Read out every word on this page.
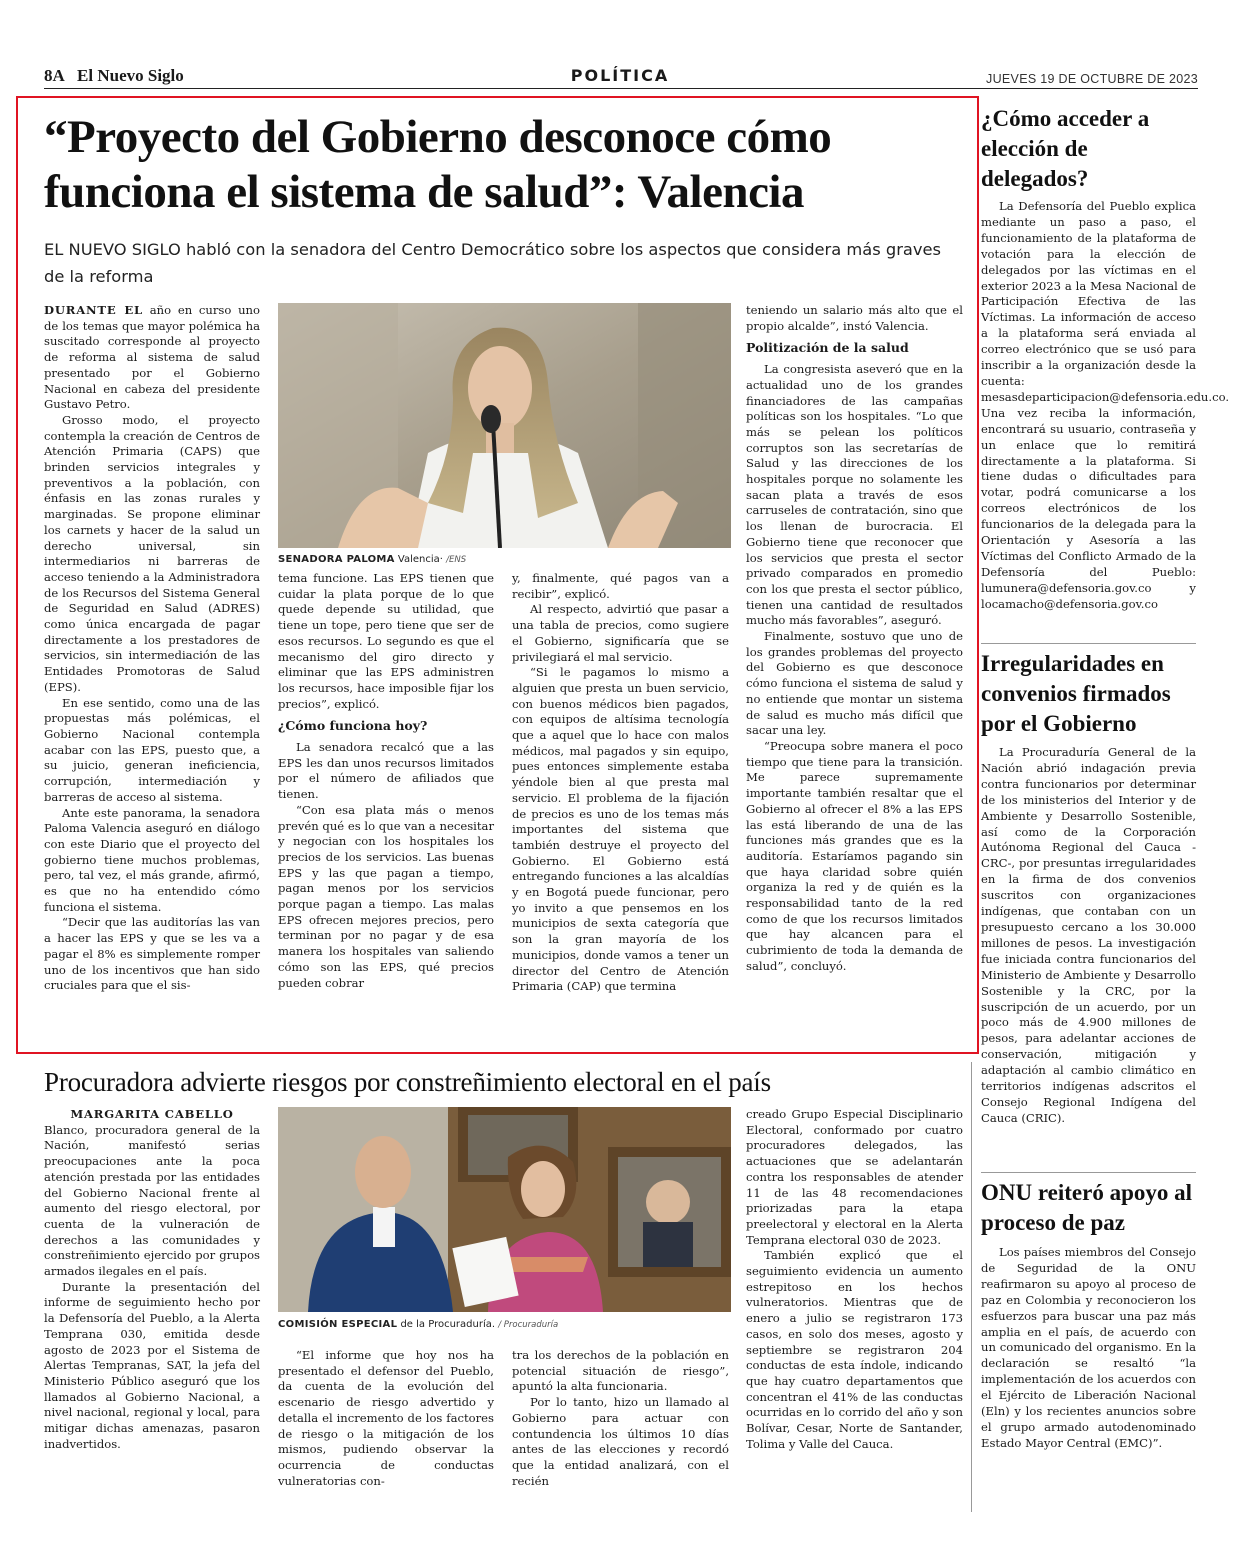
8A El Nuevo Siglo	POLÍTICA	JUEVES 19 DE OCTUBRE DE 2023
“Proyecto del Gobierno desconoce cómo funciona el sistema de salud”: Valencia
EL NUEVO SIGLO habló con la senadora del Centro Democrático sobre los aspectos que considera más graves de la reforma

DURANTE EL año en curso uno de los temas que mayor polémica ha suscitado corresponde al proyecto de reforma al sistema de salud presentado por el Gobierno Nacional en cabeza del presidente Gustavo Petro.

Grosso modo, el proyecto contempla la creación de Centros de Atención Primaria (CAPS) que brinden servicios integrales y preventivos a la población, con énfasis en las zonas rurales y marginadas. Se propone eliminar los carnets y hacer de la salud un derecho universal, sin intermediarios ni barreras de acceso teniendo a la Administradora de los Recursos del Sistema General de Seguridad en Salud (ADRES) como única encargada de pagar directamente a los prestadores de servicios, sin intermediación de las Entidades Promotoras de Salud (EPS).

En ese sentido, como una de las propuestas más polémicas, el Gobierno Nacional contempla acabar con las EPS, puesto que, a su juicio, generan ineficiencia, corrupción, intermediación y barreras de acceso al sistema.

Ante este panorama, la senadora Paloma Valencia aseguró en diálogo con este Diario que el proyecto del gobierno tiene muchos problemas, pero, tal vez, el más grande, afirmó, es que no ha entendido cómo funciona el sistema.

“Decir que las auditorías las van a hacer las EPS y que se les va a pagar el 8% es simplemente romper uno de los incentivos que han sido cruciales para que el sis-

SENADORA PALOMA Valencia· /ENS

tema funcione. Las EPS tienen que cuidar la plata porque de lo que quede depende su utilidad, que tiene un tope, pero tiene que ser de esos recursos. Lo segundo es que el mecanismo del giro directo y eliminar que las EPS administren los recursos, hace imposible fijar los precios”, explicó.

¿Cómo funciona hoy?

La senadora recalcó que a las EPS les dan unos recursos limitados por el número de afiliados que tienen.

“Con esa plata más o menos prevén qué es lo que van a necesitar y negocian con los hospitales los precios de los servicios. Las buenas EPS y las que pagan a tiempo, pagan menos por los servicios porque pagan a tiempo. Las malas EPS ofrecen mejores precios, pero terminan por no pagar y de esa manera los hospitales van saliendo cómo son las EPS, qué precios pueden cobrar

y, finalmente, qué pagos van a recibir”, explicó.

Al respecto, advirtió que pasar a una tabla de precios, como sugiere el Gobierno, significaría que se privilegiará el mal servicio.

“Si le pagamos lo mismo a alguien que presta un buen servicio, con buenos médicos bien pagados, con equipos de altísima tecnología que a aquel que lo hace con malos médicos, mal pagados y sin equipo, pues entonces simplemente estaba yéndole bien al que presta mal servicio. El problema de la fijación de precios es uno de los temas más importantes del sistema que también destruye el proyecto del Gobierno. El Gobierno está entregando funciones a las alcaldías y en Bogotá puede funcionar, pero yo invito a que pensemos en los municipios de sexta categoría que son la gran mayoría de los municipios, donde vamos a tener un director del Centro de Atención Primaria (CAP) que termina

teniendo un salario más alto que el propio alcalde”, instó Valencia.

Politización de la salud

La congresista aseveró que en la actualidad uno de los grandes financiadores de las campañas políticas son los hospitales. “Lo que más se pelean los políticos corruptos son las secretarías de Salud y las direcciones de los hospitales porque no solamente les sacan plata a través de esos carruseles de contratación, sino que los llenan de burocracia. El Gobierno tiene que reconocer que los servicios que presta el sector privado comparados en promedio con los que presta el sector público, tienen una cantidad de resultados mucho más favorables”, aseguró.

Finalmente, sostuvo que uno de los grandes problemas del proyecto del Gobierno es que desconoce cómo funciona el sistema de salud y no entiende que montar un sistema de salud es mucho más difícil que sacar una ley.

“Preocupa sobre manera el poco tiempo que tiene para la transición. Me parece supremamente importante también resaltar que el Gobierno al ofrecer el 8% a las EPS las está liberando de una de las funciones más grandes que es la auditoría. Estaríamos pagando sin que haya claridad sobre quién organiza la red y de quién es la responsabilidad tanto de la red como de que los recursos limitados que hay alcancen para el cubrimiento de toda la demanda de salud”, concluyó.

Procuradora advierte riesgos por constreñimiento electoral en el país

MARGARITA CABELLO

Blanco, procuradora general de la Nación, manifestó serias preocupaciones ante la poca atención prestada por las entidades del Gobierno Nacional frente al aumento del riesgo electoral, por cuenta de la vulneración de derechos a las comunidades y constreñimiento ejercido por grupos armados ilegales en el país.

Durante la presentación del informe de seguimiento hecho por la Defensoría del Pueblo, a la Alerta Temprana 030, emitida desde agosto de 2023 por el Sistema de Alertas Tempranas, SAT, la jefa del Ministerio Público aseguró que los llamados al Gobierno Nacional, a nivel nacional, regional y local, para mitigar dichas amenazas, pasaron inadvertidos.

COMISIÓN ESPECIAL de la Procuraduría. / Procuraduría

“El informe que hoy nos ha presentado el defensor del Pueblo, da cuenta de la evolución del escenario de riesgo advertido y detalla el incremento de los factores de riesgo o la mitigación de los mismos, pudiendo observar la ocurrencia de conductas vulneratorias con-

tra los derechos de la población en potencial situación de riesgo”, apuntó la alta funcionaria.

Por lo tanto, hizo un llamado al Gobierno para actuar con contundencia los últimos 10 días antes de las elecciones y recordó que la entidad analizará, con el recién

creado Grupo Especial Disciplinario Electoral, conformado por cuatro procuradores delegados, las actuaciones que se adelantarán contra los responsables de atender 11 de las 48 recomendaciones priorizadas para la etapa preelectoral y electoral en la Alerta Temprana electoral 030 de 2023.

También explicó que el seguimiento evidencia un aumento estrepitoso en los hechos vulneratorios. Mientras que de enero a julio se registraron 173 casos, en solo dos meses, agosto y septiembre se registraron 204 conductas de esta índole, indicando que hay cuatro departamentos que concentran el 41% de las conductas ocurridas en lo corrido del año y son Bolívar, Cesar, Norte de Santander, Tolima y Valle del Cauca.

¿Cómo acceder a elección de delegados?

La Defensoría del Pueblo explica mediante un paso a paso, el funcionamiento de la plataforma de votación para la elección de delegados por las víctimas en el exterior 2023 a la Mesa Nacional de Participación Efectiva de las Víctimas. La información de acceso a la plataforma será enviada al correo electrónico que se usó para inscribir a la organización desde la cuenta: mesasdeparticipacion@defensoria.edu.co. Una vez reciba la información, encontrará su usuario, contraseña y un enlace que lo remitirá directamente a la plataforma. Si tiene dudas o dificultades para votar, podrá comunicarse a los correos electrónicos de los funcionarios de la delegada para la Orientación y Asesoría a las Víctimas del Conflicto Armado de la Defensoría del Pueblo: lumunera@defensoria.gov.co y locamacho@defensoria.gov.co

Irregularidades en convenios firmados por el Gobierno

La Procuraduría General de la Nación abrió indagación previa contra funcionarios por determinar de los ministerios del Interior y de Ambiente y Desarrollo Sostenible, así como de la Corporación Autónoma Regional del Cauca -CRC-, por presuntas irregularidades en la firma de dos convenios suscritos con organizaciones indígenas, que contaban con un presupuesto cercano a los 30.000 millones de pesos. La investigación fue iniciada contra funcionarios del Ministerio de Ambiente y Desarrollo Sostenible y la CRC, por la suscripción de un acuerdo, por un poco más de 4.900 millones de pesos, para adelantar acciones de conservación, mitigación y adaptación al cambio climático en territorios indígenas adscritos el Consejo Regional Indígena del Cauca (CRIC).

ONU reiteró apoyo al proceso de paz

Los países miembros del Consejo de Seguridad de la ONU reafirmaron su apoyo al proceso de paz en Colombia y reconocieron los esfuerzos para buscar una paz más amplia en el país, de acuerdo con un comunicado del organismo. En la declaración se resaltó “la implementación de los acuerdos con el Ejército de Liberación Nacional (Eln) y los recientes anuncios sobre el grupo armado autodenominado Estado Mayor Central (EMC)”.
